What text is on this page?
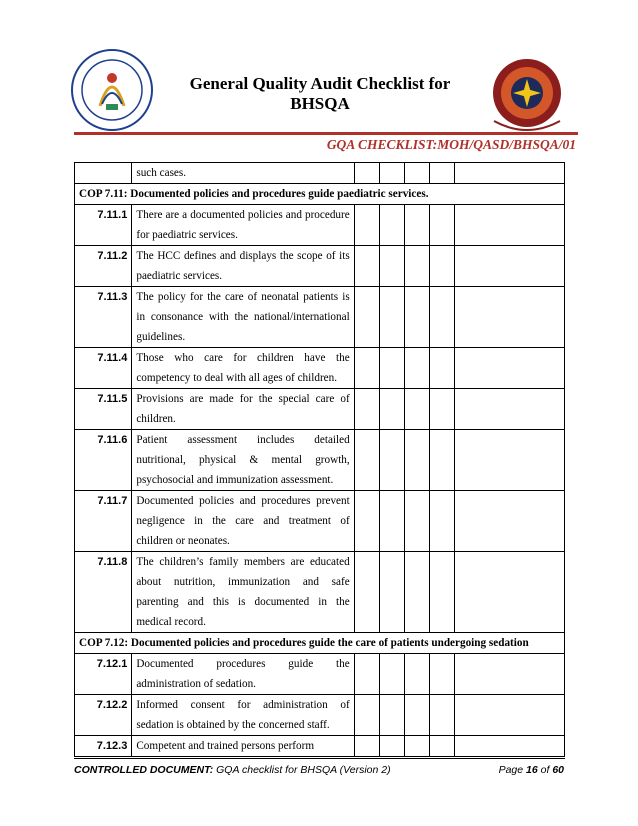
General Quality Audit Checklist for
BHSQA
GQA CHECKLIST:MOH/QASD/BHSQA/01
	such cases.					
COP 7.11: Documented policies and procedures guide paediatric services.						
7.11.1	There are a documented policies and procedure
for paediatric services.					

7.11.2	The HCC defines and displays the scope of its
paediatric services.					

7.11.3	The policy for the care of neonatal patients is
in consonance with the national/international
guidelines.					

7.11.4	Those who care for children have the
competency to deal with all ages of children.					

7.11.5	Provisions are made for the special care of
children.					

7.11.6	Patient assessment includes detailed
nutritional, physical & mental growth,
psychosocial and immunization assessment.					

7.11.7	Documented policies and procedures prevent
negligence in the care and treatment of
children or neonates.					

7.11.8	The children’s family members are educated
about nutrition, immunization and safe
parenting and this is documented in the
medical record.					

COP 7.12: Documented policies and procedures guide the care of patients undergoing sedation						
7.12.1	Documented procedures guide the
administration of sedation.					

7.12.2	Informed consent for administration of
sedation is obtained by the concerned staff.					

7.12.3	Competent and trained persons perform					

CONTROLLED DOCUMENT: GQA checklist for BHSQA (Version 2)	Page 16 of 60
